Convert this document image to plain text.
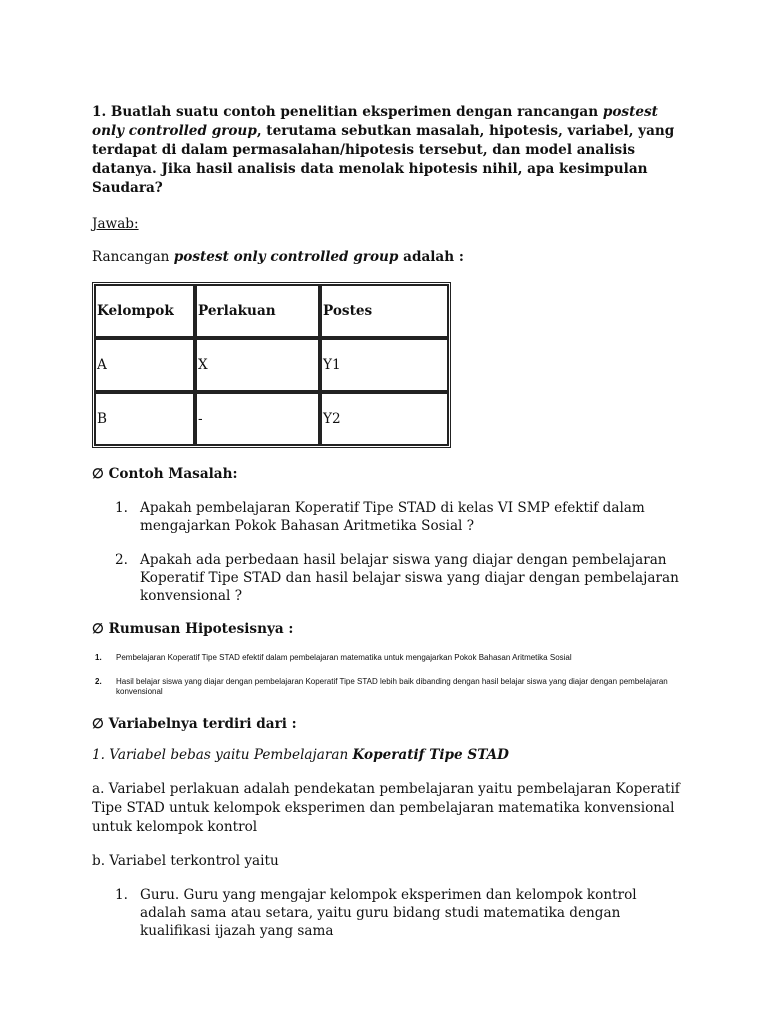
1. Buatlah suatu contoh penelitian eksperimen dengan rancangan postest only controlled group, terutama sebutkan masalah, hipotesis, variabel, yang terdapat di dalam permasalahan/hipotesis tersebut, dan model analisis datanya. Jika hasil analisis data menolak hipotesis nihil, apa kesimpulan Saudara?

Jawab:

Rancangan postest only controlled group adalah :

Kelompok	Perlakuan	Postes
A	X	Y1
B	-	Y2

∅ Contoh Masalah:

1. Apakah pembelajaran Koperatif Tipe STAD di kelas VI SMP efektif dalam mengajarkan Pokok Bahasan Aritmetika Sosial ?
2. Apakah ada perbedaan hasil belajar siswa yang diajar dengan pembelajaran Koperatif Tipe STAD dan hasil belajar siswa yang diajar dengan pembelajaran konvensional ?

∅ Rumusan Hipotesisnya :

1. Pembelajaran Koperatif Tipe STAD efektif dalam pembelajaran matematika untuk mengajarkan Pokok Bahasan Aritmetika Sosial
2. Hasil belajar siswa yang diajar dengan pembelajaran Koperatif Tipe STAD lebih baik dibanding dengan hasil belajar siswa yang diajar dengan pembelajaran konvensional

∅ Variabelnya terdiri dari :

1. Variabel bebas yaitu Pembelajaran Koperatif Tipe STAD

a. Variabel perlakuan adalah pendekatan pembelajaran yaitu pembelajaran Koperatif Tipe STAD untuk kelompok eksperimen dan pembelajaran matematika konvensional untuk kelompok kontrol

b. Variabel terkontrol yaitu

1. Guru. Guru yang mengajar kelompok eksperimen dan kelompok kontrol adalah sama atau setara, yaitu guru bidang studi matematika dengan kualifikasi ijazah yang sama
